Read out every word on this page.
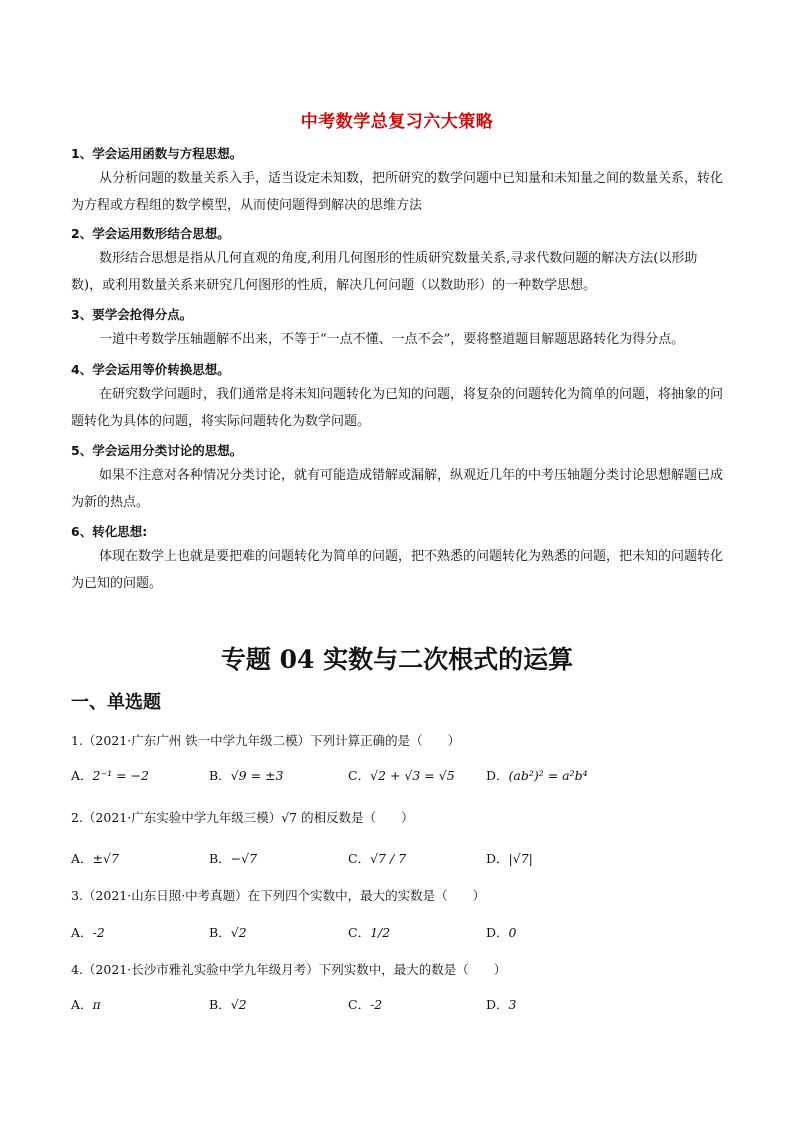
中考数学总复习六大策略
1、学会运用函数与方程思想。
从分析问题的数量关系入手，适当设定未知数，把所研究的数学问题中已知量和未知量之间的数量关系，转化为方程或方程组的数学模型，从而使问题得到解决的思维方法
2、学会运用数形结合思想。
数形结合思想是指从几何直观的角度,利用几何图形的性质研究数量关系,寻求代数问题的解决方法(以形助数)，或利用数量关系来研究几何图形的性质，解决几何问题（以数助形）的一种数学思想。
3、要学会抢得分点。
一道中考数学压轴题解不出来，不等于“一点不懂、一点不会”，要将整道题目解题思路转化为得分点。
4、学会运用等价转换思想。
在研究数学问题时，我们通常是将未知问题转化为已知的问题，将复杂的问题转化为简单的问题，将抽象的问题转化为具体的问题，将实际问题转化为数学问题。
5、学会运用分类讨论的思想。
如果不注意对各种情况分类讨论，就有可能造成错解或漏解，纵观近几年的中考压轴题分类讨论思想解题已成为新的热点。
6、转化思想:
体现在数学上也就是要把难的问题转化为简单的问题，把不熟悉的问题转化为熟悉的问题，把未知的问题转化为已知的问题。
专题 04 实数与二次根式的运算
一、单选题
1.（2021·广东广州 铁一中学九年级二模）下列计算正确的是（　　）
A．2⁻¹ = −2	B．√9 = ±3	C．√2 + √3 = √5	D．(ab²)² = a²b⁴
2.（2021·广东实验中学九年级三模）√7 的相反数是（　　）
A．±√7	B．−√7	C．√7 / 7	D．|√7|
3.（2021·山东日照·中考真题）在下列四个实数中，最大的实数是（　　）
A．-2	B．√2	C．1/2	D．0
4.（2021·长沙市雅礼实验中学九年级月考）下列实数中，最大的数是（　　）
A．π	B．√2	C．-2	D．3
